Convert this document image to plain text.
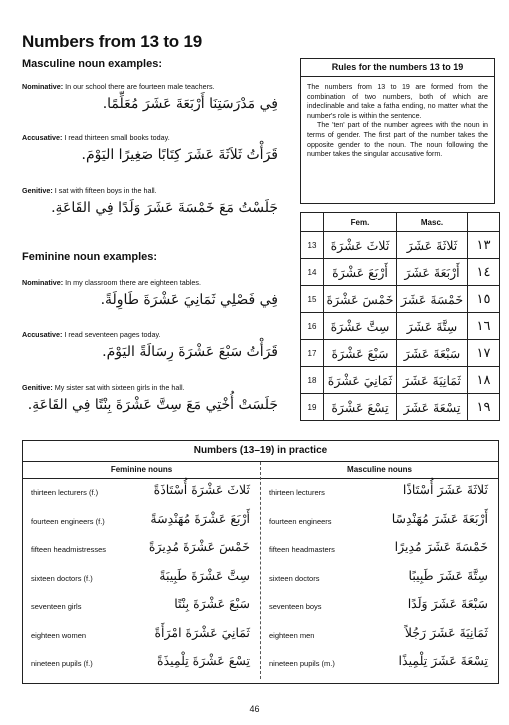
Numbers from 13 to 19
Masculine noun examples:
Nominative: In our school there are fourteen male teachers.
فِي مَدْرَسَتِنَا أَرْبَعَةَ عَشَرَ مُعَلِّمًا.
Accusative: I read thirteen small books today.
قَرَأْتُ ثَلاَثَةَ عَشَرَ كِتَابًا صَغِيرًا اليَوْمَ.
Genitive: I sat with fifteen boys in the hall.
جَلَسْتُ مَعَ خَمْسَةَ عَشَرَ وَلَدًا فِي القَاعَةِ.
Feminine noun examples:
Nominative: In my classroom there are eighteen tables.
فِي فَصْلِي ثَمَانِيَ عَشْرَةَ طَاوِلَةً.
Accusative: I read seventeen pages today.
قَرَأْتُ سَبْعَ عَشْرَةَ رِسَالَةً اليَوْمَ.
Genitive: My sister sat with sixteen girls in the hall.
جَلَسَتْ أُخْتِي مَعَ سِتَّ عَشْرَةَ بِنْتًا فِي القَاعَةِ.
Rules for the numbers 13 to 19

The numbers from 13 to 19 are formed from the combination of two numbers, both of which are indeclinable and take a fatha ending, no matter what the number's role is within the sentence.

The 'ten' part of the number agrees with the noun in terms of gender. The first part of the number takes the opposite gender to the noun. The noun following the number takes the singular accusative form.

	Fem.	Masc.	
13	ثَلاثَ عَشْرَةَ	ثَلاثَةَ عَشَرَ	١٣
14	أَرْبَعَ عَشْرَةَ	أَرْبَعَةَ عَشَرَ	١٤
15	خَمْسَ عَشْرَةَ	خَمْسَةَ عَشَرَ	١٥
16	سِتَّ عَشْرَةَ	سِتَّةَ عَشَرَ	١٦
17	سَبْعَ عَشْرَةَ	سَبْعَةَ عَشَرَ	١٧
18	ثَمَانِيَ عَشْرَةَ	ثَمَانِيَةَ عَشَرَ	١٨
19	تِسْعَ عَشْرَةَ	تِسْعَةَ عَشَرَ	١٩
Numbers (13–19) in practice
Feminine nouns
thirteen lecturers (f.)	ثَلاثَ عَشْرَةَ أُسْتَاذَةً
fourteen engineers (f.)	أَرْبَعَ عَشْرَةَ مُهَنْدِسَةً
fifteen headmistresses	خَمْسَ عَشْرَةَ مُدِيرَةً
sixteen doctors (f.)	سِتَّ عَشْرَةَ طَبِيبَةً
seventeen girls	سَبْعَ عَشْرَةَ بِنْتًا
eighteen women	ثَمَانِيَ عَشْرَةَ امْرَأَةً
nineteen pupils (f.)	تِسْعَ عَشْرَةَ تِلْمِيذَةً
Masculine nouns
thirteen lecturers	ثَلاثَةَ عَشَرَ أُسْتَاذًا
fourteen engineers	أَرْبَعَةَ عَشَرَ مُهَنْدِسًا
fifteen headmasters	خَمْسَةَ عَشَرَ مُدِيرًا
sixteen doctors	سِتَّةَ عَشَرَ طَبِيبًا
seventeen boys	سَبْعَةَ عَشَرَ وَلَدًا
eighteen men	ثَمَانِيَةَ عَشَرَ رَجُلاً
nineteen pupils (m.)	تِسْعَةَ عَشَرَ تِلْمِيذًا
46
